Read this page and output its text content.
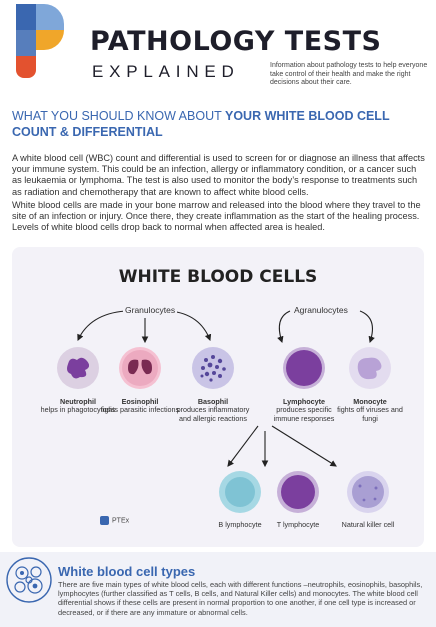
PATHOLOGY TESTS
EXPLAINED	Information about pathology tests to help everyone take control of their health and make the right decisions about their care.
WHAT YOU SHOULD KNOW ABOUT YOUR WHITE BLOOD CELL COUNT & DIFFERENTIAL
A white blood cell (WBC) count and differential is used to screen for or diagnose an illness that affects your immune system. This could be an infection, allergy or inflammatory condition, or a cancer such as leukaemia or lymphoma. The test is also used to monitor the body’s response to treatments such as radiation and chemotherapy that are known to affect white blood cells.
White blood cells are made in your bone marrow and released into the blood where they travel to the site of an infection or injury. Once there, they create inflammation as the start of the healing process. Levels of white blood cells drop back to normal when affected area is healed.
WHITE BLOOD CELLS
Granulocytes	Agranulocytes
Neutrophil
helps in phagotocytosis
Eosinophil
fights parasitic infections
Basophil
produces inflammatory and allergic reactions
Lymphocyte
produces specific immune responses
Monocyte
fights off viruses and fungi
B lymphocyte	T lymphocyte	Natural killer cell
PTEx
White blood cell types
There are five main types of white blood cells, each with different functions –neutrophils, eosinophils, basophils, lymphocytes (further classified as T cells, B cells, and Natural Killer cells) and monocytes. The white blood cell differential shows if these cells are present in normal proportion to one another, if one cell type is increased or decreased, or if there are any immature or abnormal cells.
